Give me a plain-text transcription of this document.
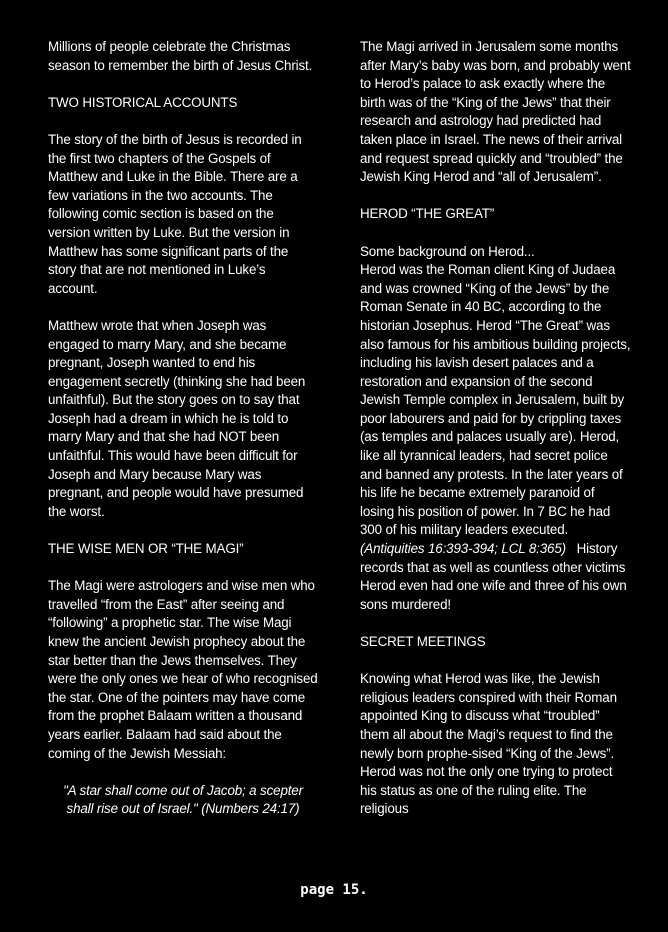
Millions of people celebrate the Christmas season to remember the birth of Jesus Christ.

TWO HISTORICAL ACCOUNTS

The story of the birth of Jesus is recorded in the first two chapters of the Gospels of Matthew and Luke in the Bible. There are a few variations in the two accounts. The following comic section is based on the version written by Luke. But the version in Matthew has some significant parts of the story that are not mentioned in Luke’s account.

Matthew wrote that when Joseph was engaged to marry Mary, and she became pregnant, Joseph wanted to end his engagement secretly (thinking she had been unfaithful). But the story goes on to say that Joseph had a dream in which he is told to marry Mary and that she had NOT been unfaithful. This would have been difficult for Joseph and Mary because Mary was pregnant, and people would have presumed the worst.

THE WISE MEN OR “THE MAGI”

The Magi were astrologers and wise men who travelled “from the East” after seeing and “following” a prophetic star. The wise Magi knew the ancient Jewish prophecy about the star better than the Jews themselves. They were the only ones we hear of who recognised the star. One of the pointers may have come from the prophet Balaam written a thousand years earlier. Balaam had said about the coming of the Jewish Messiah:

"A star shall come out of Jacob; a scepter shall rise out of Israel." (Numbers 24:17)

The Magi arrived in Jerusalem some months after Mary’s baby was born, and probably went to Herod’s palace to ask exactly where the birth was of the “King of the Jews” that their research and astrology had predicted had taken place in Israel. The news of their arrival and request spread quickly and “troubled” the Jewish King Herod and “all of Jerusalem”.

HEROD “THE GREAT”

Some background on Herod...

Herod was the Roman client King of Judaea and was crowned “King of the Jews” by the Roman Senate in 40 BC, according to the historian Josephus. Herod “The Great” was also famous for his ambitious building projects, including his lavish desert palaces and a restoration and expansion of the second Jewish Temple complex in Jerusalem, built by poor labourers and paid for by crippling taxes (as temples and palaces usually are). Herod, like all tyrannical leaders, had secret police and banned any protests. In the later years of his life he became extremely paranoid of losing his position of power. In 7 BC he had 300 of his military leaders executed. (Antiquities 16:393-394; LCL 8:365) History records that as well as countless other victims Herod even had one wife and three of his own sons murdered!

SECRET MEETINGS

Knowing what Herod was like, the Jewish religious leaders conspired with their Roman appointed King to discuss what “troubled” them all about the Magi’s request to find the newly born prophe-sised “King of the Jews”. Herod was not the only one trying to protect his status as one of the ruling elite. The religious

page 15.
